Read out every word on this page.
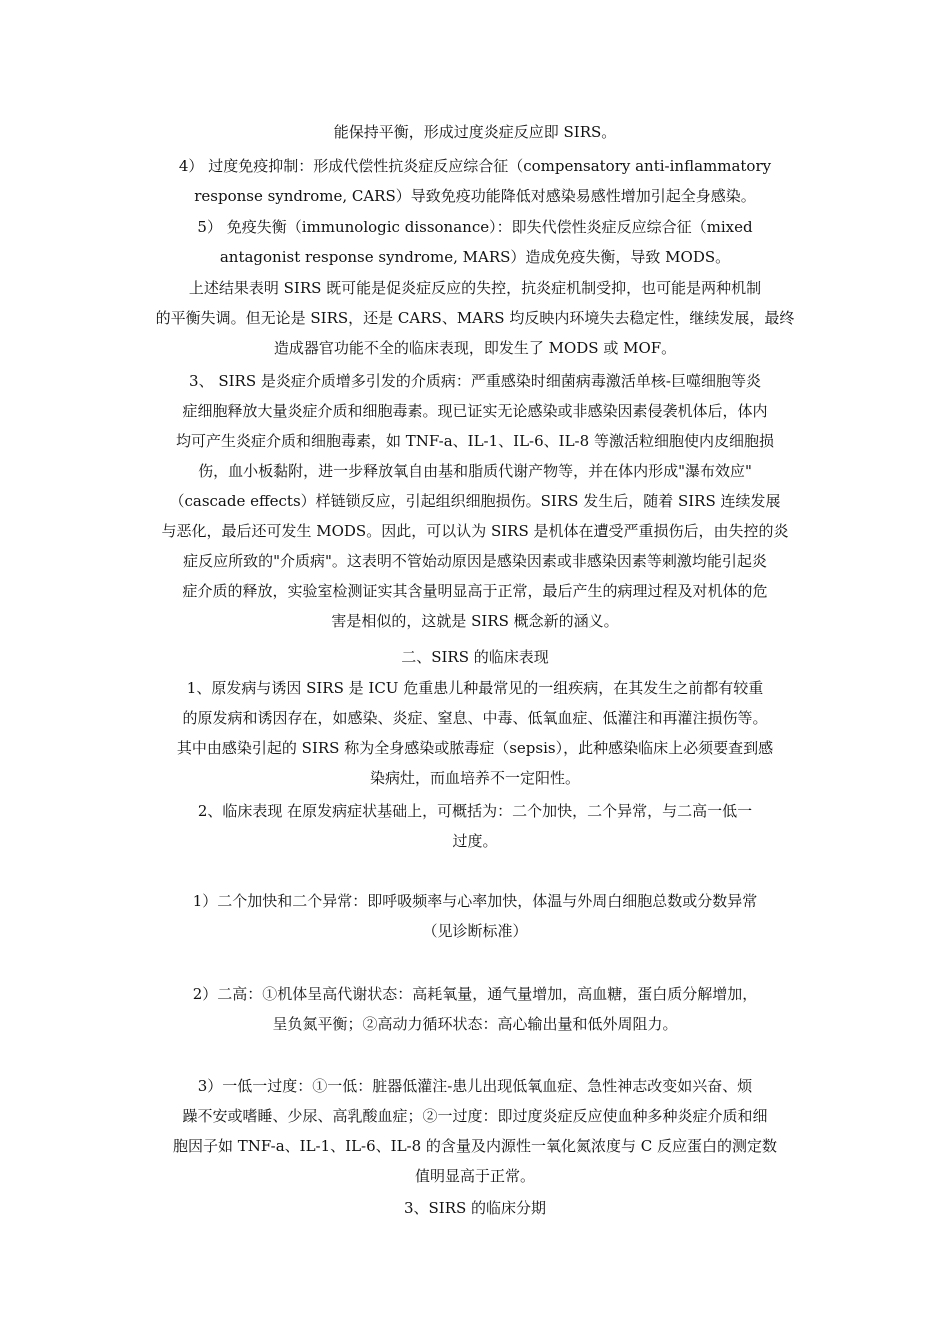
能保持平衡，形成过度炎症反应即 SIRS。
4） 过度免疫抑制：形成代偿性抗炎症反应综合征（compensatory anti-inflammatory
response syndrome, CARS）导致免疫功能降低对感染易感性增加引起全身感染。
5） 免疫失衡（immunologic dissonance）：即失代偿性炎症反应综合征（mixed
antagonist response syndrome, MARS）造成免疫失衡，导致 MODS。
上述结果表明 SIRS 既可能是促炎症反应的失控，抗炎症机制受抑，也可能是两种机制
的平衡失调。但无论是 SIRS，还是 CARS、MARS 均反映内环境失去稳定性，继续发展，最终
造成器官功能不全的临床表现，即发生了 MODS 或 MOF。
3、 SIRS 是炎症介质增多引发的介质病：严重感染时细菌病毒激活单核-巨噬细胞等炎
症细胞释放大量炎症介质和细胞毒素。现已证实无论感染或非感染因素侵袭机体后，体内
均可产生炎症介质和细胞毒素，如 TNF-a、IL-1、IL-6、IL-8 等激活粒细胞使内皮细胞损
伤，血小板黏附，进一步释放氧自由基和脂质代谢产物等，并在体内形成"瀑布效应"
（cascade effects）样链锁反应，引起组织细胞损伤。SIRS 发生后，随着 SIRS 连续发展
与恶化，最后还可发生 MODS。因此，可以认为 SIRS 是机体在遭受严重损伤后，由失控的炎
症反应所致的"介质病"。这表明不管始动原因是感染因素或非感染因素等刺激均能引起炎
症介质的释放，实验室检测证实其含量明显高于正常，最后产生的病理过程及对机体的危
害是相似的，这就是 SIRS 概念新的涵义。
二、SIRS 的临床表现
1、原发病与诱因 SIRS 是 ICU 危重患儿种最常见的一组疾病，在其发生之前都有较重
的原发病和诱因存在，如感染、炎症、窒息、中毒、低氧血症、低灌注和再灌注损伤等。
其中由感染引起的 SIRS 称为全身感染或脓毒症（sepsis），此种感染临床上必须要查到感
染病灶，而血培养不一定阳性。
2、临床表现 在原发病症状基础上，可概括为：二个加快，二个异常，与二高一低一
过度。
1）二个加快和二个异常：即呼吸频率与心率加快，体温与外周白细胞总数或分数异常
（见诊断标准）
2）二高：①机体呈高代谢状态：高耗氧量，通气量增加，高血糖，蛋白质分解增加，
呈负氮平衡；②高动力循环状态：高心输出量和低外周阻力。
3）一低一过度：①一低：脏器低灌注-患儿出现低氧血症、急性神志改变如兴奋、烦
躁不安或嗜睡、少尿、高乳酸血症；②一过度：即过度炎症反应使血种多种炎症介质和细
胞因子如 TNF-a、IL-1、IL-6、IL-8 的含量及内源性一氧化氮浓度与 C 反应蛋白的测定数
值明显高于正常。
3、SIRS 的临床分期
